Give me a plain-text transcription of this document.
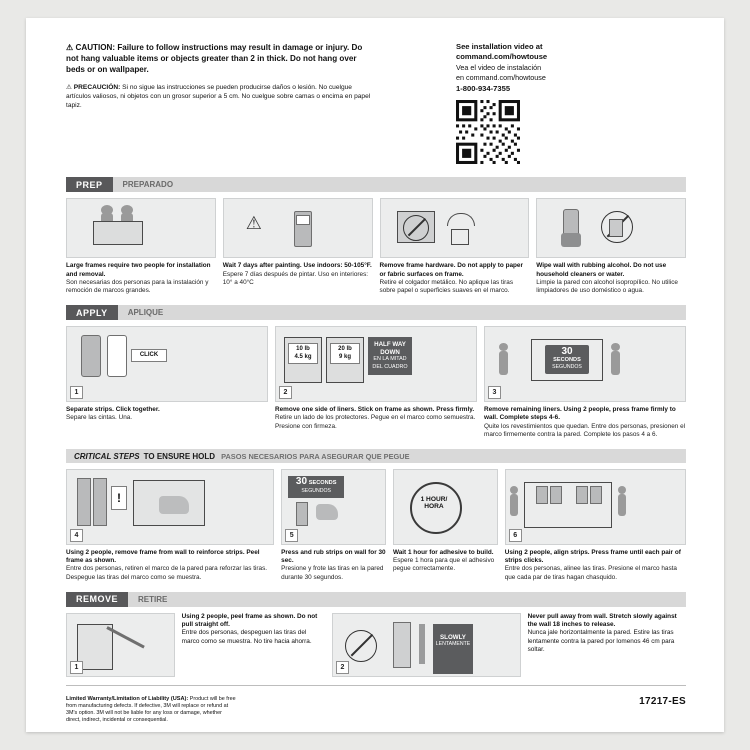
⚠ CAUTION: Failure to follow instructions may result in damage or injury. Do not hang valuable items or objects greater than 2 in thick. Do not hang over beds or on wallpaper.

⚠ PRECAUCIÓN: Si no sigue las instrucciones se pueden producirse daños o lesión. No cuelgue artículos valiosos, ni objetos con un grosor superior a 5 cm. No cuelgue sobre camas o encima en papel tapiz.
See installation video at
command.com/howtouse
Vea el video de instalación
en command.com/howtouse
1-800-934-7355
PREP	PREPARADO
Large frames require two people for installation and removal.
Son necesarias dos personas para la instalación y remoción de marcos grandes.
⚠
Wait 7 days after painting. Use indoors: 50-105°F.
Espere 7 días después de pintar. Uso en interiores: 10° a 40°C
Remove frame hardware. Do not apply to paper or fabric surfaces on frame.
Retire el colgador metálico. No aplique las tiras sobre papel o superficies suaves en el marco.
Wipe wall with rubbing alcohol. Do not use household cleaners or water.
Limpie la pared con alcohol isopropílico. No utilice limpiadores de uso doméstico o agua.
APPLY	APLIQUE
CLICK
1
Separate strips. Click together.
Separe las cintas. Una.
10 lb
4.5 kg
20 lb
9 kg
HALF WAY DOWN
EN LA MITAD DEL CUADRO
2
Remove one side of liners. Stick on frame as shown. Press firmly.
Retire un lado de los protectores. Pegue en el marco como semuestra. Presione con firmeza.
30
SECONDS
SEGUNDOS
3
Remove remaining liners. Using 2 people, press frame firmly to wall. Complete steps 4-6.
Quite los revestimientos que quedan. Entre dos personas, presionen el marco firmemente contra la pared. Complete los pasos 4 a 6.
CRITICAL STEPS TO ENSURE HOLD PASOS NECESARIOS PARA ASEGURAR QUE PEGUE
!
4
Using 2 people, remove frame from wall to reinforce strips. Peel frame as shown.
Entre dos personas, retiren el marco de la pared para reforzar las tiras. Despegue las tiras del marco como se muestra.
30 SECONDS
SEGUNDOS
5
Press and rub strips on wall for 30 sec.
Presione y frote las tiras en la pared durante 30 segundos.
1 HOUR/
HORA
Wait 1 hour for adhesive to build.
Espere 1 hora para que el adhesivo pegue correctamente.
6
Using 2 people, align strips. Press frame until each pair of strips clicks.
Entre dos personas, alinee las tiras. Presione el marco hasta que cada par de tiras hagan chasquido.
REMOVE	RETIRE
1
Using 2 people, peel frame as shown. Do not pull straight off.
Entre dos personas, despeguen las tiras del marco como se muestra. No tire hacia ahorra.
SLOWLY
LENTAMENTE
2
Never pull away from wall. Stretch slowly against the wall 18 inches to release.
Nunca jale horizontalmente la pared. Estire las tiras lentamente contra la pared por lomenos 46 cm para soltar.
Limited Warranty/Limitation of Liability (USA): Product will be free from manufacturing defects. If defective, 3M will replace or refund at 3M's option. 3M will not be liable for any loss or damage, whether direct, indirect, incidental or consequential.
17217-ES
